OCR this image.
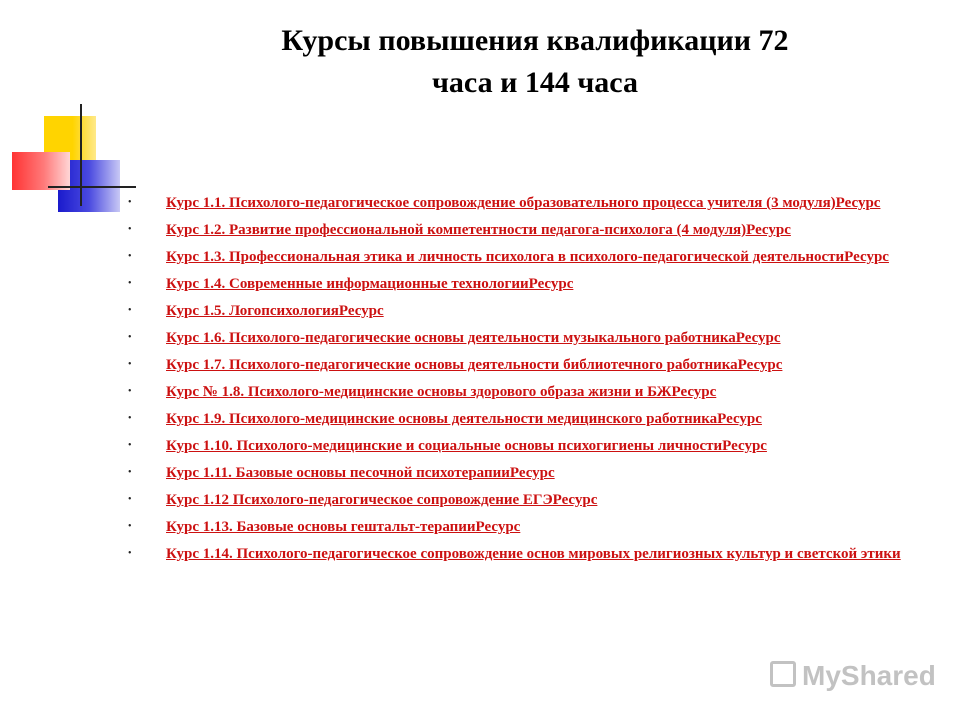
Курсы повышения квалификации 72
часа и 144 часа
• Курс 1.1. Психолого-педагогическое сопровождение образовательного процесса учителя (3 модуля)Ресурс
• Курс 1.2. Развитие профессиональной компетентности педагога-психолога (4 модуля)Ресурс
• Курс 1.3. Профессиональная этика и личность психолога в психолого-педагогической деятельностиРесурс
• Курс 1.4. Современные информационные технологииРесурс
• Курс 1.5. ЛогопсихологияРесурс
• Курс 1.6. Психолого-педагогические основы деятельности музыкального работникаРесурс
• Курс 1.7. Психолого-педагогические основы деятельности библиотечного работникаРесурс
• Курс № 1.8. Психолого-медицинские основы здорового образа жизни и БЖРесурс
• Курс 1.9. Психолого-медицинские основы деятельности медицинского работникаРесурс
• Курс 1.10. Психолого-медицинские и социальные основы психогигиены личностиРесурс
• Курс 1.11. Базовые основы песочной психотерапииРесурс
• Курс 1.12 Психолого-педагогическое сопровождение ЕГЭРесурс
• Курс 1.13. Базовые основы гештальт-терапииРесурс
• Курс 1.14. Психолого-педагогическое сопровождение основ мировых религиозных культур и светской этики
MyShared
